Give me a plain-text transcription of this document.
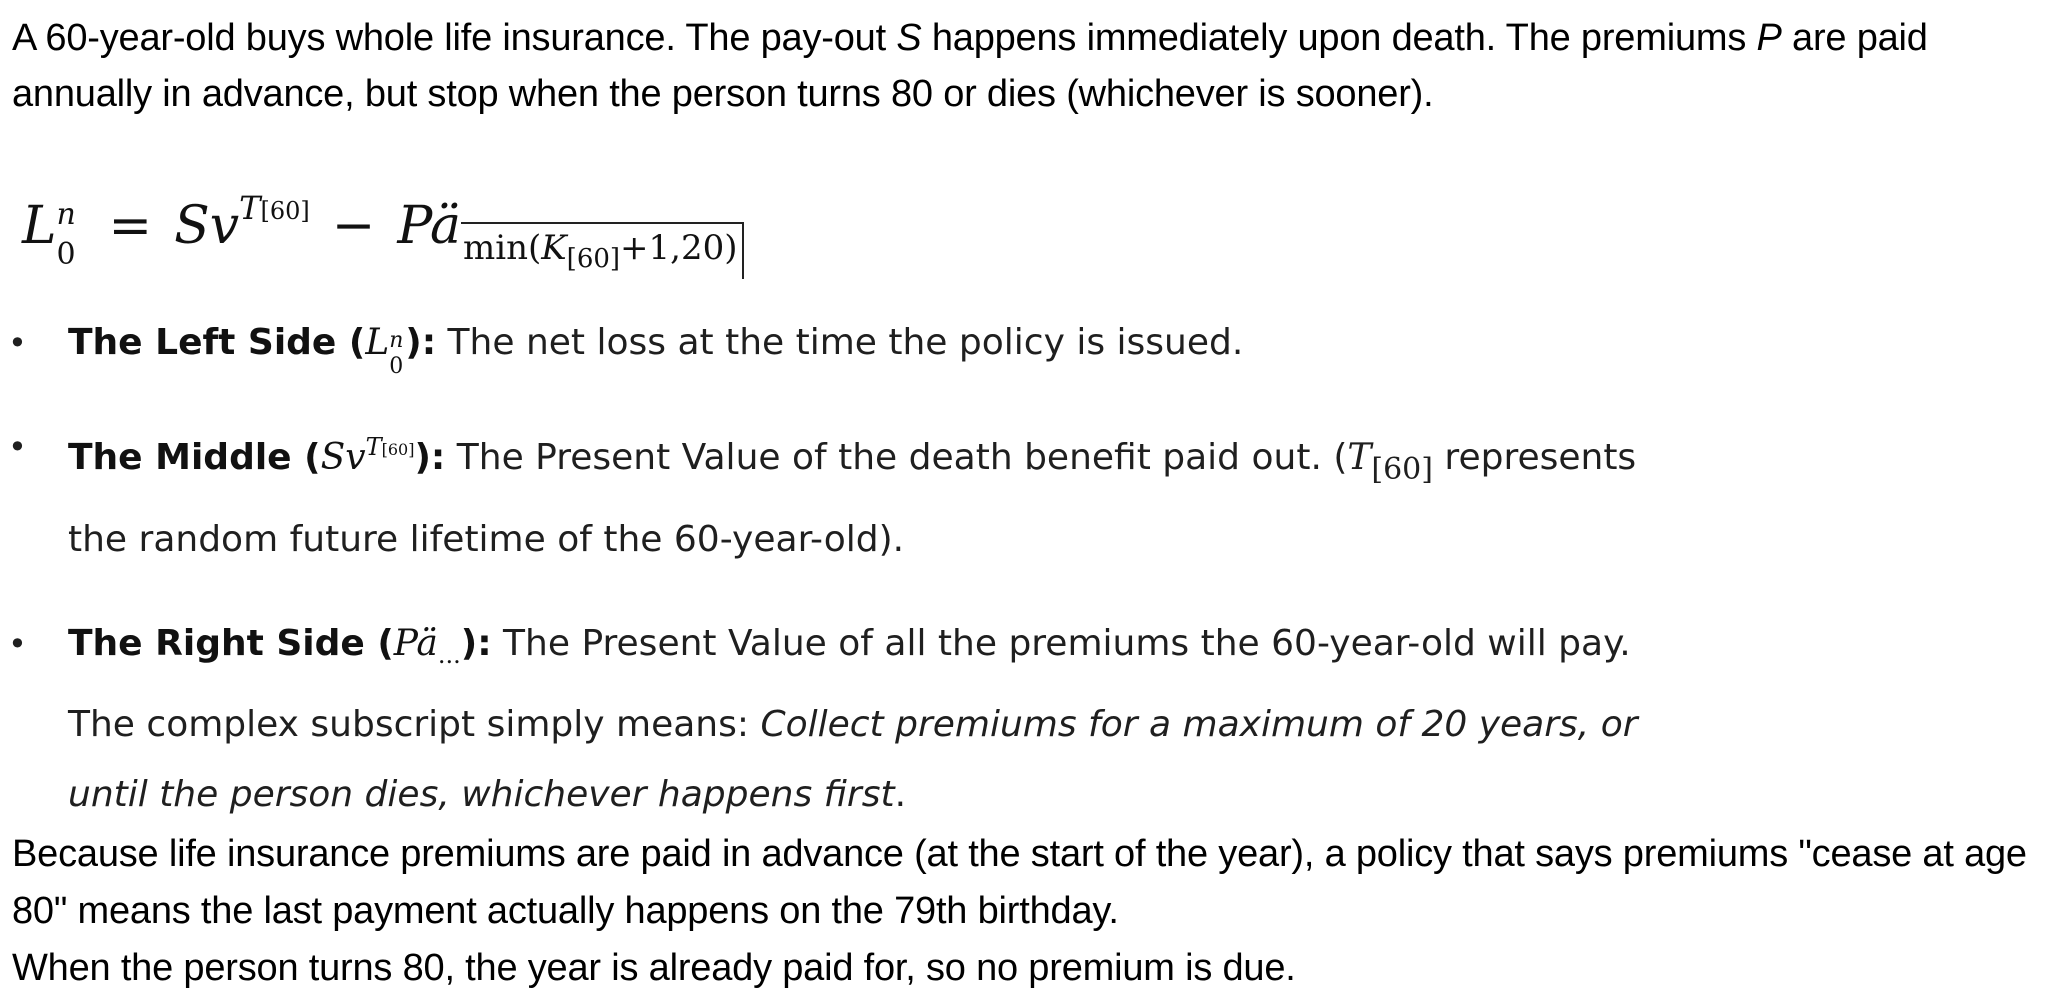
A 60-year-old buys whole life insurance. The pay-out S happens immediately upon death. The premiums P are paid annually in advance, but stop when the person turns 80 or dies (whichever is sooner).
L n
$0 = Sv^{T[60]}$ − $Pä_{min(K_{[60]}+1,20)}$
• The Left Side (L n
0
): The net loss at the time the policy is issued.
• The Middle $(Sv^{T[60]})$: The Present Value of the death benefit paid out. ($T_{[60]}$ represents the random future lifetime of the 60-year-old).
• The Right Side $(Pä_{...})$: The Present Value of all the premiums the 60-year-old will pay. The complex subscript simply means: Collect premiums for a maximum of 20 years, or until the person dies, whichever happens first.
Because life insurance premiums are paid in advance (at the start of the year), a policy that says premiums "cease at age 80" means the last payment actually happens on the 79th birthday.
When the person turns 80, the year is already paid for, so no premium is due.
